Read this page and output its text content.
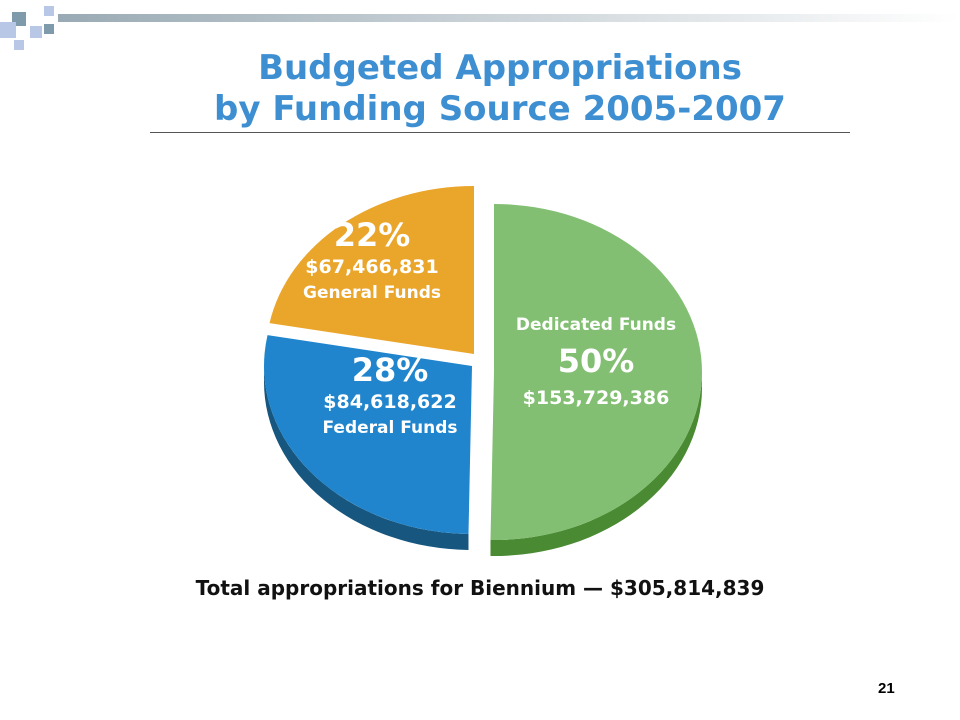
Budgeted Appropriations
by Funding Source 2005-2007
Dedicated Funds
50%
$153,729,386
28%
$84,618,622
Federal Funds
22%
$67,466,831
General Funds
Total appropriations for Biennium — $305,814,839
21
